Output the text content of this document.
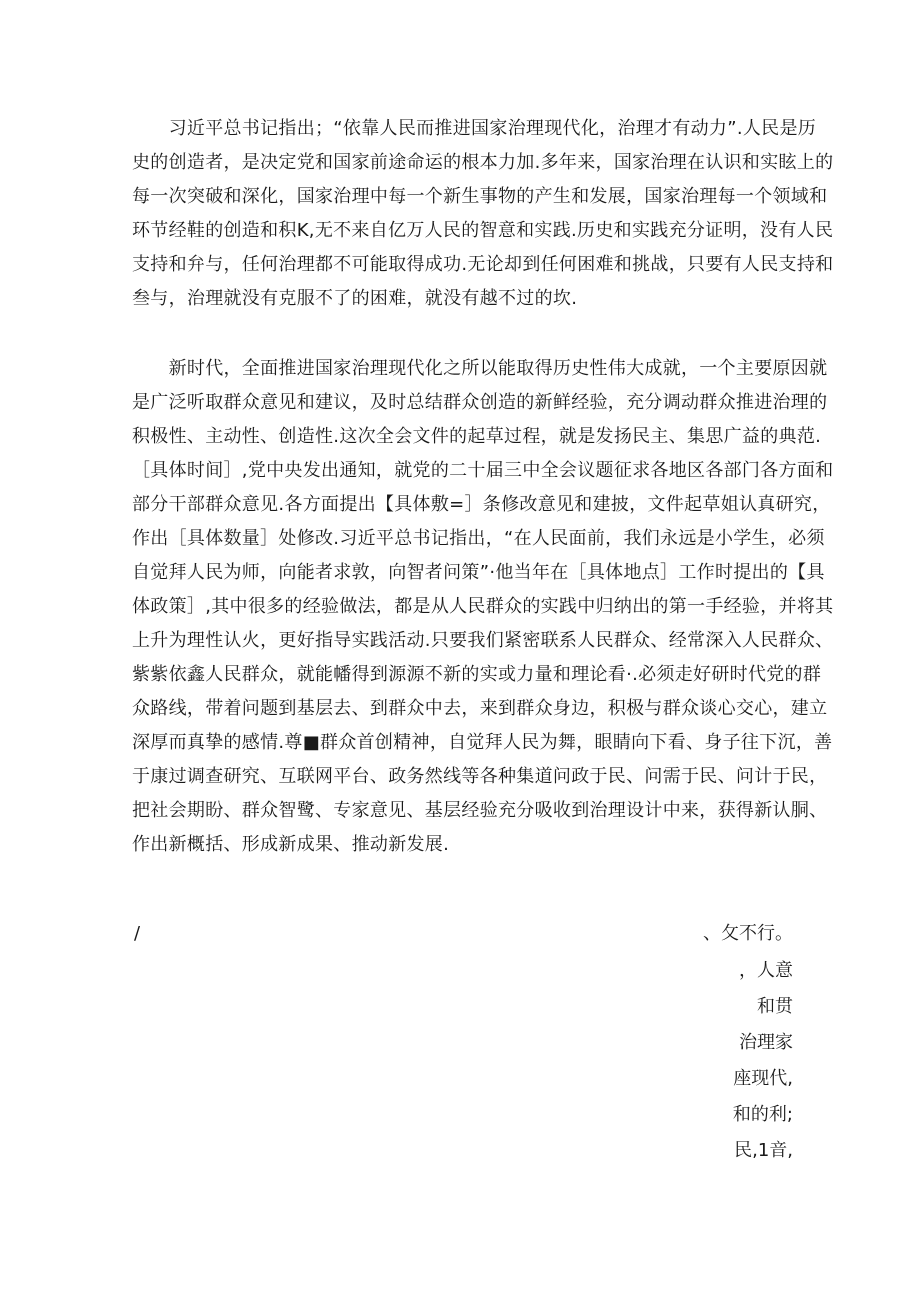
　　习近平总书记指出；“依靠人民而推进国家治理现代化，治理才有动力”.人民是历
史的创造者，是决定党和国家前途命运的根本力加.多年来，国家治理在认识和实眩上的
每一次突破和深化，国家治理中每一个新生事物的产生和发展，国家治理每一个领域和
环节经鞋的创造和积K,无不来自亿万人民的智意和实践.历史和实践充分证明，没有人民
支持和弁与，任何治理都不可能取得成功.无论却到任何困难和挑战，只要有人民支持和
叁与，治理就没有克服不了的困难，就没有越不过的坎.
　　新时代，全面推进国家治理现代化之所以能取得历史性伟大成就，一个主要原因就
是广泛听取群众意见和建议，及时总结群众创造的新鲜经验，充分调动群众推进治理的
积极性、主动性、创造性.这次全会文件的起草过程，就是发扬民主、集思广益的典范.
［具体时间］,党中央发出通知，就党的二十届三中全会议题征求各地区各部门各方面和
部分干部群众意见.各方面提出【具体敷=］条修改意见和建披，文件起草姐认真研究，
作出［具体数量］处修改.习近平总书记指出，“在人民面前，我们永远是小学生，必须
自觉拜人民为师，向能者求敦，向智者问策”·他当年在［具体地点］工作时提出的【具
体政策］,其中很多的经验做法，都是从人民群众的实践中归纳出的第一手经验，并将其
上升为理性认火，更好指导实践活动.只要我们紧密联系人民群众、经常深入人民群众、
紫紫依鑫人民群众，就能幡得到源源不新的实或力量和理论看·.必须走好研时代党的群
众路线，带着问题到基层去、到群众中去，来到群众身边，积极与群众谈心交心，建立
深厚而真挚的感情.尊■群众首创精神，自觉拜人民为舞，眼睛向下看、身子往下沉，善
于康过调查研究、互联网平台、政务然线等各种集道问政于民、问需于民、问计于民，
把社会期盼、群众智鹭、专家意见、基层经验充分吸收到治理设计中来，获得新认胴、
作出新概括、形成新成果、推动新发展.
/	、攵不行。
，人意
和贯
治理家
座现代,
和的利;
民,1音,
